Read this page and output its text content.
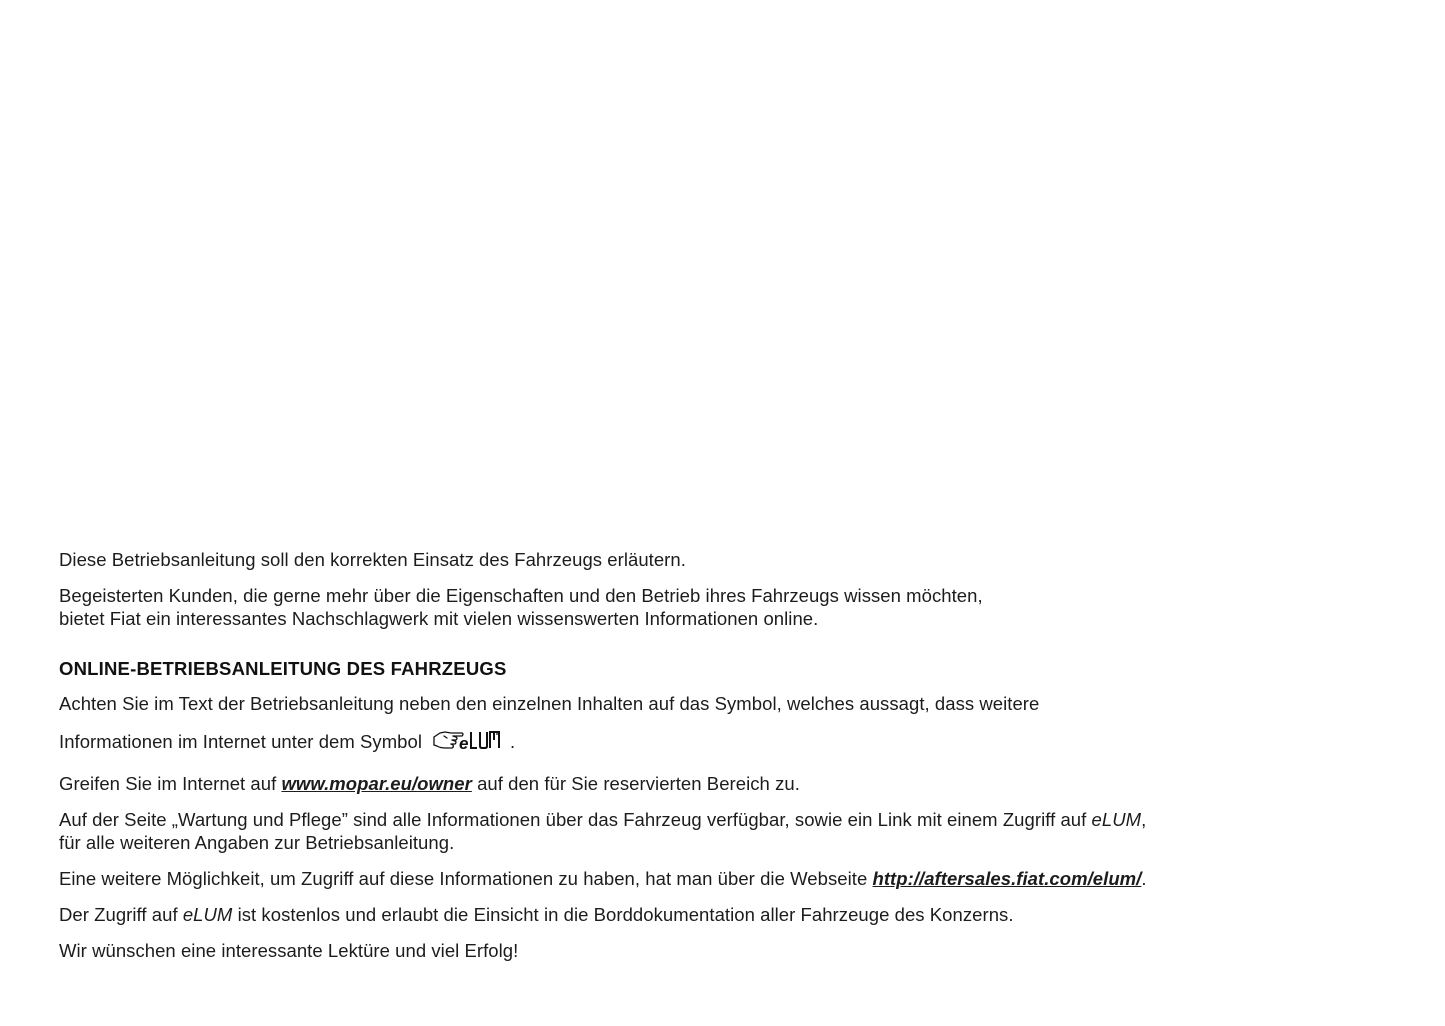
Diese Betriebsanleitung soll den korrekten Einsatz des Fahrzeugs erläutern.

Begeisterten Kunden, die gerne mehr über die Eigenschaften und den Betrieb ihres Fahrzeugs wissen möchten,
bietet Fiat ein interessantes Nachschlagwerk mit vielen wissenswerten Informationen online.

ONLINE-BETRIEBSANLEITUNG DES FAHRZEUGS

Achten Sie im Text der Betriebsanleitung neben den einzelnen Inhalten auf das Symbol, welches aussagt, dass weitere

Informationen im Internet unter dem Symbol e .

Greifen Sie im Internet auf www.mopar.eu/owner auf den für Sie reservierten Bereich zu.

Auf der Seite „Wartung und Pflege” sind alle Informationen über das Fahrzeug verfügbar, sowie ein Link mit einem Zugriff auf eLUM,
für alle weiteren Angaben zur Betriebsanleitung.

Eine weitere Möglichkeit, um Zugriff auf diese Informationen zu haben, hat man über die Webseite http://aftersales.fiat.com/elum/.

Der Zugriff auf eLUM ist kostenlos und erlaubt die Einsicht in die Borddokumentation aller Fahrzeuge des Konzerns.

Wir wünschen eine interessante Lektüre und viel Erfolg!
